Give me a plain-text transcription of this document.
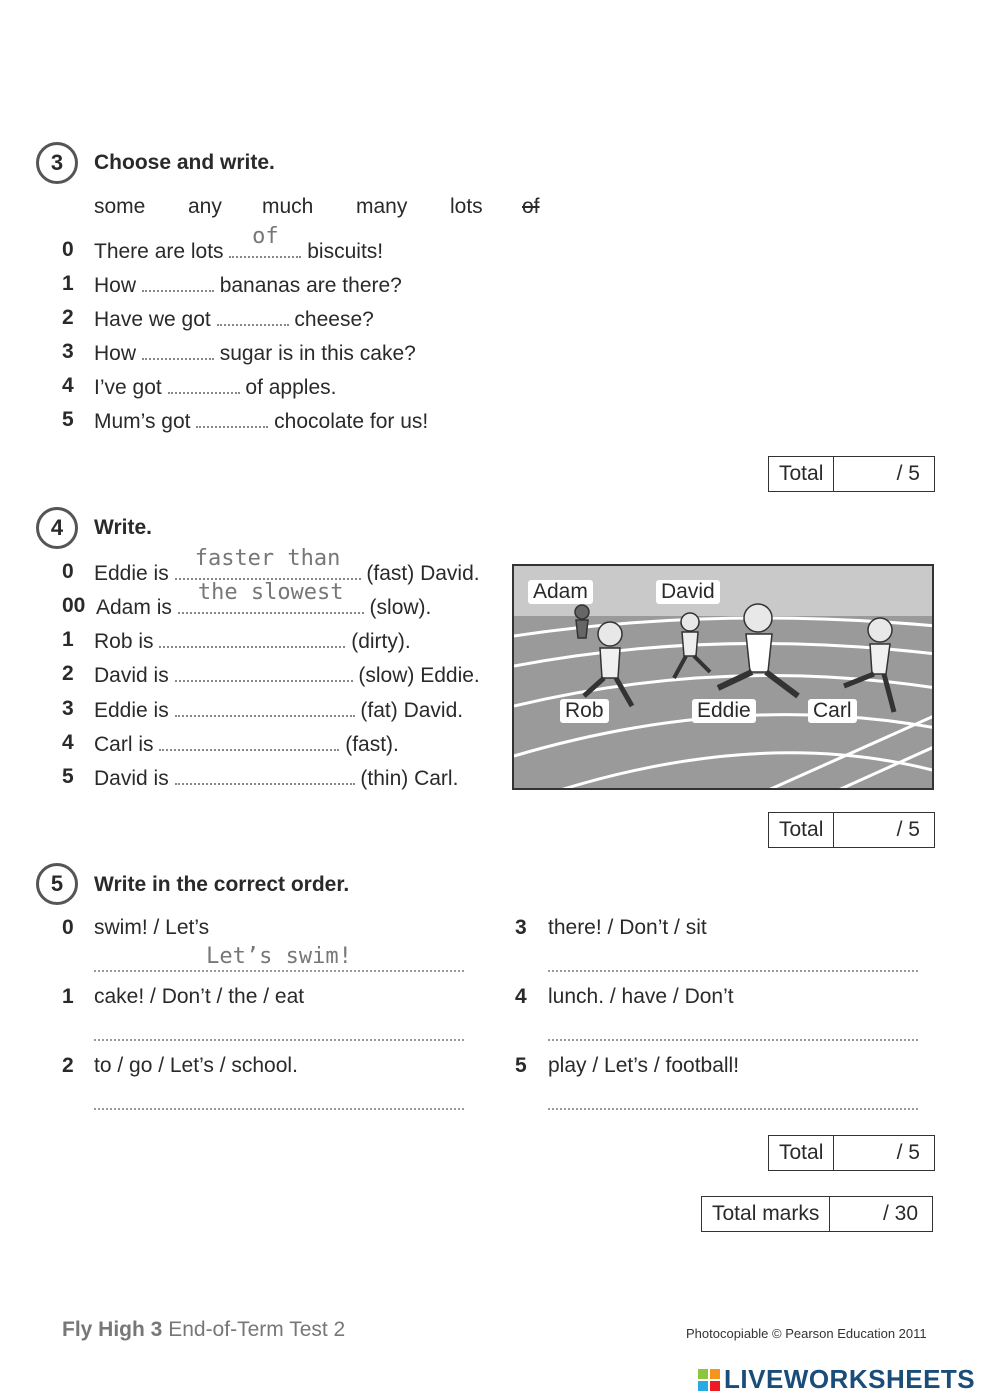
3	Choose and write.
some any much many lots of
0 There are lots
of
biscuits!
1 How	bananas are there?
2 Have we got	cheese?
3 How	sugar is in this cake?
4 I’ve got	of apples.
5 Mum’s got	chocolate for us!
Total	/ 5
4	Write.
0 Eddie is
faster than
(fast) David.
00 Adam is
the slowest
(slow).
1 Rob is	(dirty).
2 David is	(slow) Eddie.
3 Eddie is	(fat) David.
4 Carl is	(fast).
5 David is	(thin) Carl.
Adam	David
Rob	Eddie	Carl
Total	/ 5
5	Write in the correct order.
0 swim! / Let’s
Let’s swim!
1 cake! / Don’t / the / eat
2 to / go / Let’s / school.
3	there! / Don’t / sit
4	lunch. / have / Don’t
5	play / Let’s / football!
Total	/ 5
Total marks	/ 30
Fly High 3 End-of-Term Test 2	Photocopiable © Pearson Education 2011
LIVEWORKSHEETS
